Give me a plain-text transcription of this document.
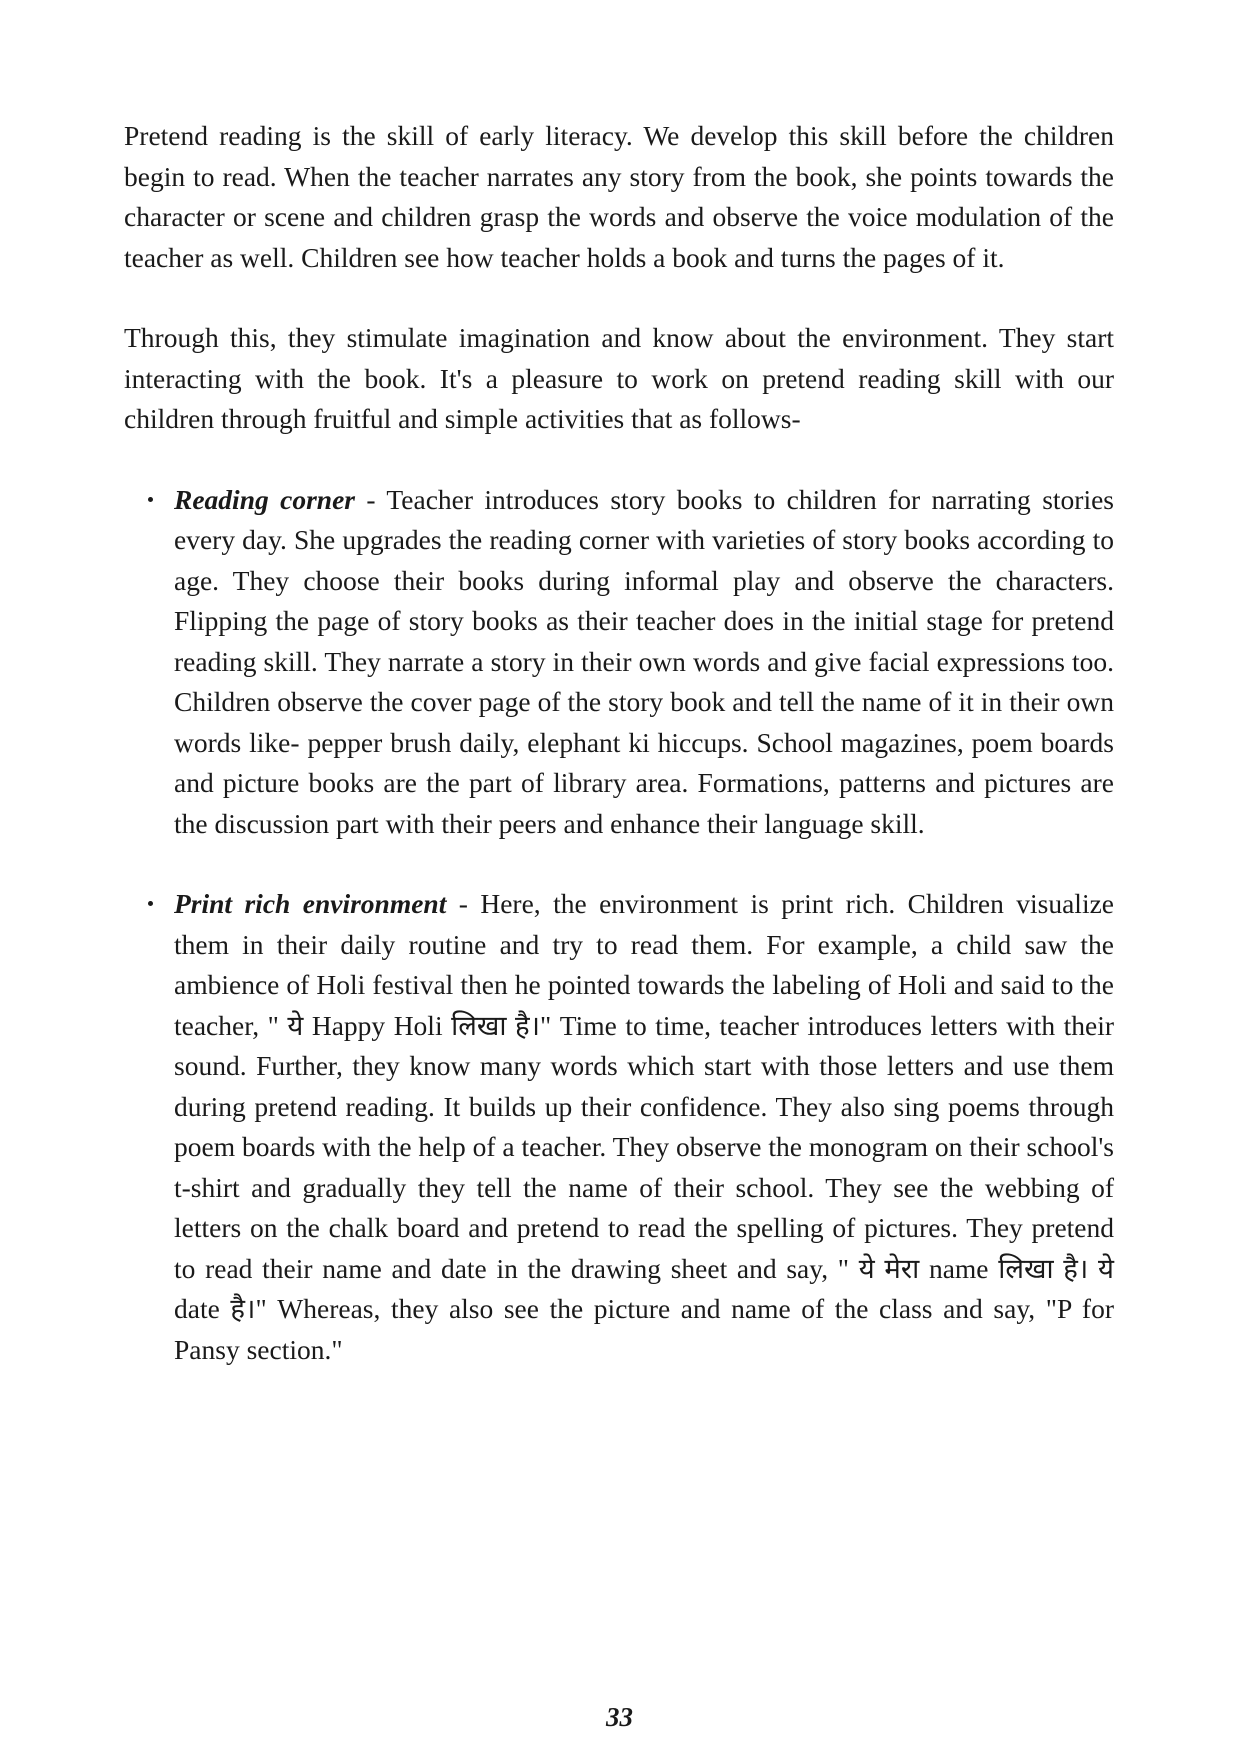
Pretend reading is the skill of early literacy. We develop this skill before the children begin to read. When the teacher narrates any story from the book, she points towards the character or scene and children grasp the words and observe the voice modulation of the teacher as well. Children see how teacher holds a book and turns the pages of it.

Through this, they stimulate imagination and know about the environment. They start interacting with the book. It's a pleasure to work on pretend reading skill with our children through fruitful and simple activities that as follows-

Reading corner - Teacher introduces story books to children for narrating stories every day. She upgrades the reading corner with varieties of story books according to age. They choose their books during informal play and observe the characters. Flipping the page of story books as their teacher does in the initial stage for pretend reading skill. They narrate a story in their own words and give facial expressions too. Children observe the cover page of the story book and tell the name of it in their own words like- pepper brush daily, elephant ki hiccups. School magazines, poem boards and picture books are the part of library area. Formations, patterns and pictures are the discussion part with their peers and enhance their language skill.
Print rich environment - Here, the environment is print rich. Children visualize them in their daily routine and try to read them. For example, a child saw the ambience of Holi festival then he pointed towards the labeling of Holi and said to the teacher, " ये Happy Holi लिखा है।" Time to time, teacher introduces letters with their sound. Further, they know many words which start with those letters and use them during pretend reading. It builds up their confidence. They also sing poems through poem boards with the help of a teacher. They observe the monogram on their school's t-shirt and gradually they tell the name of their school. They see the webbing of letters on the chalk board and pretend to read the spelling of pictures. They pretend to read their name and date in the drawing sheet and say, " ये मेरा name लिखा है। ये date है।" Whereas, they also see the picture and name of the class and say, "P for Pansy section."
33
